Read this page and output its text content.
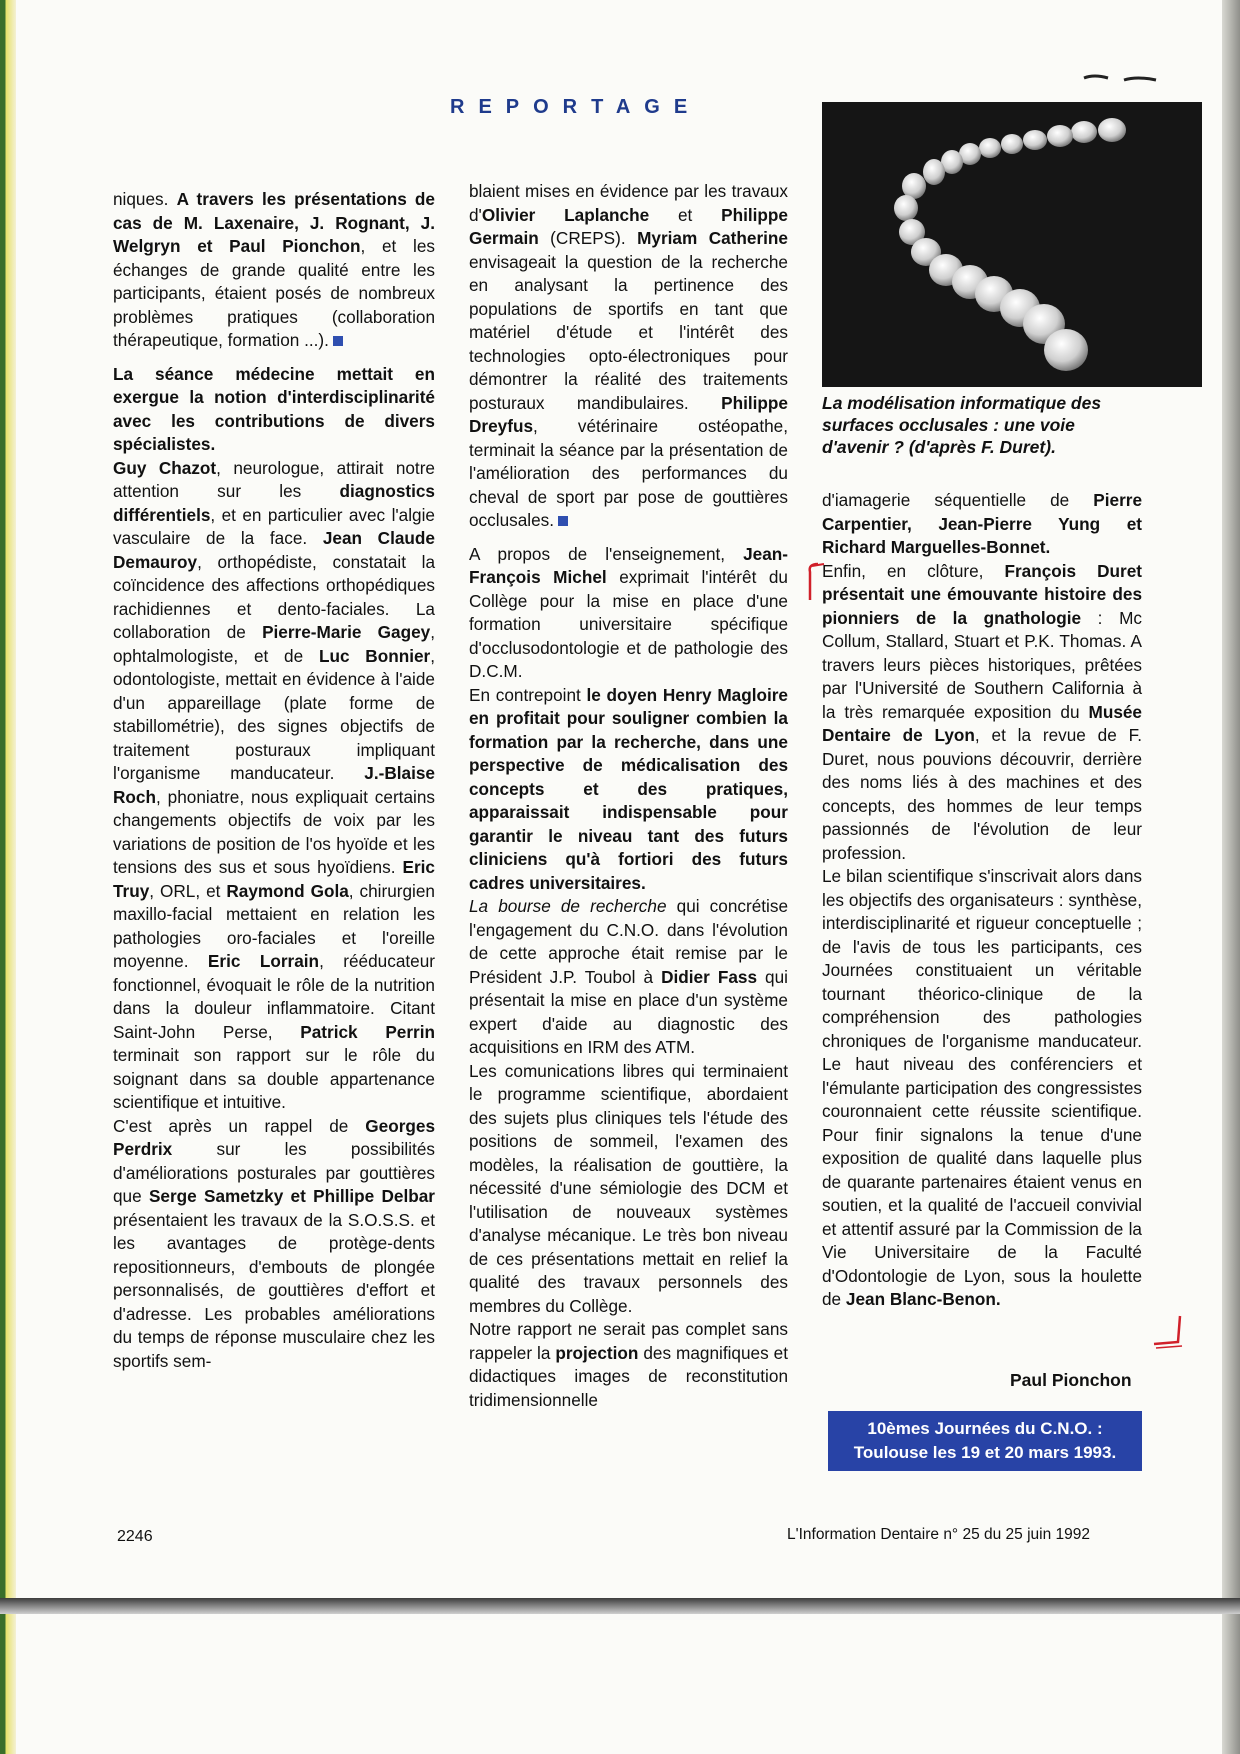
REPORTAGE

niques. A travers les présentations de cas de M. Laxenaire, J. Rognant, J. Welgryn et Paul Pionchon, et les échanges de grande qualité entre les participants, étaient posés de nombreux problèmes pratiques (collaboration thérapeutique, formation ...).

La séance médecine mettait en exergue la notion d'interdisciplinarité avec les contributions de divers spécialistes.

Guy Chazot, neurologue, attirait notre attention sur les diagnostics différentiels, et en particulier avec l'algie vasculaire de la face. Jean Claude Demauroy, orthopédiste, constatait la coïncidence des affections orthopédiques rachidiennes et dento-faciales. La collaboration de Pierre-Marie Gagey, ophtalmologiste, et de Luc Bonnier, odontologiste, mettait en évidence à l'aide d'un appareillage (plate forme de stabillométrie), des signes objectifs de traitement posturaux impliquant l'organisme manducateur. J.-Blaise Roch, phoniatre, nous expliquait certains changements objectifs de voix par les variations de position de l'os hyoïde et les tensions des sus et sous hyoïdiens. Eric Truy, ORL, et Raymond Gola, chirurgien maxillo-facial mettaient en relation les pathologies oro-faciales et l'oreille moyenne. Eric Lorrain, rééducateur fonctionnel, évoquait le rôle de la nutrition dans la douleur inflammatoire. Citant Saint-John Perse, Patrick Perrin terminait son rapport sur le rôle du soignant dans sa double appartenance scientifique et intuitive.

C'est après un rappel de Georges Perdrix sur les possibilités d'améliorations posturales par gouttières que Serge Sametzky et Phillipe Delbar présentaient les travaux de la S.O.S.S. et les avantages de protège-dents repositionneurs, d'embouts de plongée personnalisés, de gouttières d'effort et d'adresse. Les probables améliorations du temps de réponse musculaire chez les sportifs sem-

blaient mises en évidence par les travaux d'Olivier Laplanche et Philippe Germain (CREPS). Myriam Catherine envisageait la question de la recherche en analysant la pertinence des populations de sportifs en tant que matériel d'étude et l'intérêt des technologies opto-électroniques pour démontrer la réalité des traitements posturaux mandibulaires. Philippe Dreyfus, vétérinaire ostéopathe, terminait la séance par la présentation de l'amélioration des performances du cheval de sport par pose de gouttières occlusales.

A propos de l'enseignement, Jean-François Michel exprimait l'intérêt du Collège pour la mise en place d'une formation universitaire spécifique d'occlusodontologie et de pathologie des D.C.M.

En contrepoint le doyen Henry Magloire en profitait pour souligner combien la formation par la recherche, dans une perspective de médicalisation des concepts et des pratiques, apparaissait indispensable pour garantir le niveau tant des futurs cliniciens qu'à fortiori des futurs cadres universitaires.

La bourse de recherche qui concrétise l'engagement du C.N.O. dans l'évolution de cette approche était remise par le Président J.P. Toubol à Didier Fass qui présentait la mise en place d'un système expert d'aide au diagnostic des acquisitions en IRM des ATM.

Les comunications libres qui terminaient le programme scientifique, abordaient des sujets plus cliniques tels l'étude des positions de sommeil, l'examen des modèles, la réalisation de gouttière, la nécessité d'une sémiologie des DCM et l'utilisation de nouveaux systèmes d'analyse mécanique. Le très bon niveau de ces présentations mettait en relief la qualité des travaux personnels des membres du Collège.

Notre rapport ne serait pas complet sans rappeler la projection des magnifiques et didactiques images de reconstitution tridimensionnelle

La modélisation informatique des surfaces occlusales : une voie d'avenir ? (d'après F. Duret).

d'iamagerie séquentielle de Pierre Carpentier, Jean-Pierre Yung et Richard Marguelles-Bonnet.

Enfin, en clôture, François Duret présentait une émouvante histoire des pionniers de la gnathologie : Mc Collum, Stallard, Stuart et P.K. Thomas. A travers leurs pièces historiques, prêtées par l'Université de Southern California à la très remarquée exposition du Musée Dentaire de Lyon, et la revue de F. Duret, nous pouvions découvrir, derrière des noms liés à des machines et des concepts, des hommes de leur temps passionnés de l'évolution de leur profession.

Le bilan scientifique s'inscrivait alors dans les objectifs des organisateurs : synthèse, interdisciplinarité et rigueur conceptuelle ; de l'avis de tous les participants, ces Journées constituaient un véritable tournant théorico-clinique de la compréhension des pathologies chroniques de l'organisme manducateur. Le haut niveau des conférenciers et l'émulante participation des congressistes couronnaient cette réussite scientifique. Pour finir signalons la tenue d'une exposition de qualité dans laquelle plus de quarante partenaires étaient venus en soutien, et la qualité de l'accueil convivial et attentif assuré par la Commission de la Vie Universitaire de la Faculté d'Odontologie de Lyon, sous la houlette de Jean Blanc-Benon.

Paul Pionchon
10èmes Journées du C.N.O. :
Toulouse les 19 et 20 mars 1993.
2246	L'Information Dentaire n° 25 du 25 juin 1992
